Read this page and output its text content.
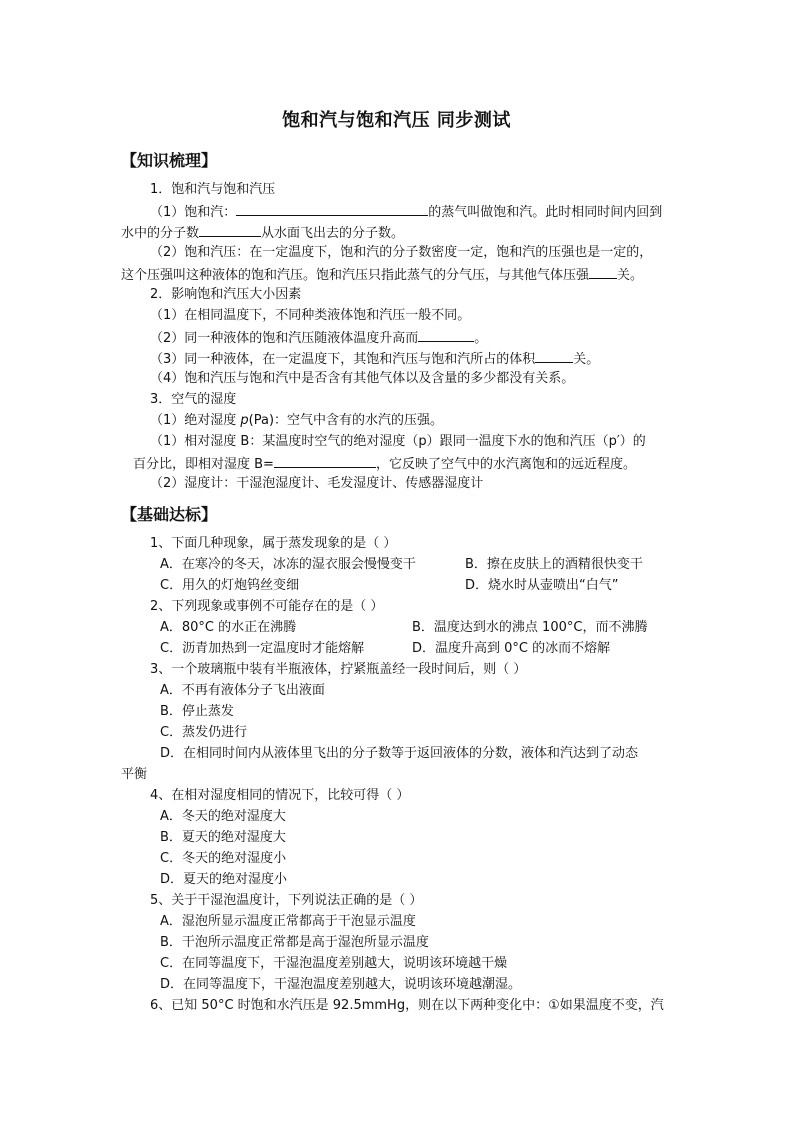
饱和汽与饱和汽压 同步测试
【知识梳理】
1．饱和汽与饱和汽压
（1）饱和汽：	的蒸气叫做饱和汽。此时相同时间内回到
水中的分子数	从水面飞出去的分子数。
（2）饱和汽压：在一定温度下，饱和汽的分子数密度一定，饱和汽的压强也是一定的，
这个压强叫这种液体的饱和汽压。饱和汽压只指此蒸气的分气压，与其他气体压强 关。
2．影响饱和汽压大小因素
（1）在相同温度下，不同种类液体饱和汽压一般不同。
（2）同一种液体的饱和汽压随液体温度升高而	。
（3）同一种液体，在一定温度下，其饱和汽压与饱和汽所占的体积	关。
（4）饱和汽压与饱和汽中是否含有其他气体以及含量的多少都没有关系。
3．空气的湿度
（1）绝对湿度 p(Pa)：空气中含有的水汽的压强。
（1）相对湿度 B：某温度时空气的绝对湿度（p）跟同一温度下水的饱和汽压（p′）的
百分比，即相对湿度 B=	，它反映了空气中的水汽离饱和的远近程度。
（2）湿度计：干湿泡湿度计、毛发湿度计、传感器湿度计
【基础达标】
1、下面几种现象，属于蒸发现象的是（ ）
A．在寒冷的冬天，冰冻的湿衣服会慢慢变干	B．擦在皮肤上的酒精很快变干
C．用久的灯炮钨丝变细	D．烧水时从壶喷出“白气”
2、下列现象或事例不可能存在的是（ ）
A．80°C 的水正在沸腾	B．温度达到水的沸点 100°C，而不沸腾
C．沥青加热到一定温度时才能熔解	D．温度升高到 0°C 的冰而不熔解
3、一个玻璃瓶中装有半瓶液体，拧紧瓶盖经一段时间后，则（ ）
A．不再有液体分子飞出液面
B．停止蒸发
C．蒸发仍进行
D．在相同时间内从液体里飞出的分子数等于返回液体的分数，液体和汽达到了动态
平衡
4、在相对湿度相同的情况下，比较可得（ ）
A．冬天的绝对湿度大
B．夏天的绝对湿度大
C．冬天的绝对湿度小
D．夏天的绝对湿度小
5、关于干湿泡温度计，下列说法正确的是（ ）
A．湿泡所显示温度正常都高于干泡显示温度
B．干泡所示温度正常都是高于湿泡所显示温度
C．在同等温度下，干湿泡温度差别越大，说明该环境越干燥
D．在同等温度下，干湿泡温度差别越大，说明该环境越潮湿。
6、已知 50°C 时饱和水汽压是 92.5mmHg，则在以下两种变化中：①如果温度不变，汽
